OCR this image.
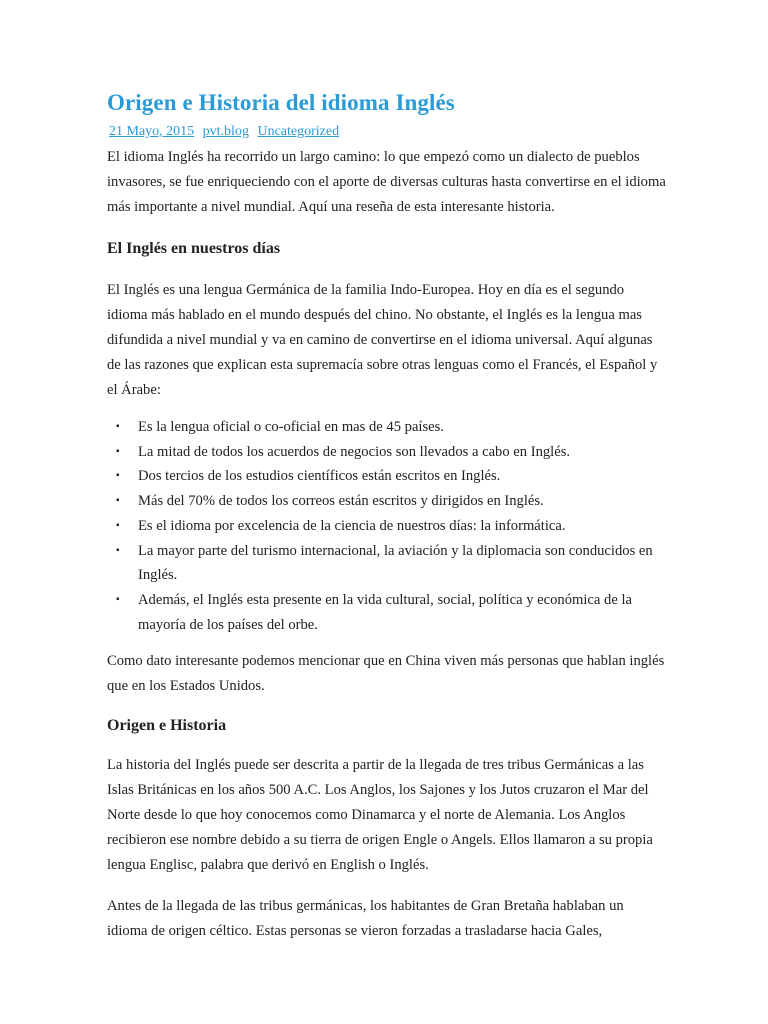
Origen e Historia del idioma Inglés
21 Mayo, 2015 pvt.blog Uncategorized

El idioma Inglés ha recorrido un largo camino: lo que empezó como un dialecto de pueblos invasores, se fue enriqueciendo con el aporte de diversas culturas hasta convertirse en el idioma más importante a nivel mundial. Aquí una reseña de esta interesante historia.

El Inglés en nuestros días

El Inglés es una lengua Germánica de la familia Indo-Europea. Hoy en día es el segundo idioma más hablado en el mundo después del chino. No obstante, el Inglés es la lengua mas difundida a nivel mundial y va en camino de convertirse en el idioma universal. Aquí algunas de las razones que explican esta supremacía sobre otras lenguas como el Francés, el Español y el Árabe:

▪ Es la lengua oficial o co-oficial en mas de 45 países.
▪ La mitad de todos los acuerdos de negocios son llevados a cabo en Inglés.
▪ Dos tercios de los estudios científicos están escritos en Inglés.
▪ Más del 70% de todos los correos están escritos y dirigidos en Inglés.
▪ Es el idioma por excelencia de la ciencia de nuestros días: la informática.
▪ La mayor parte del turismo internacional, la aviación y la diplomacia son conducidos en Inglés.
▪ Además, el Inglés esta presente en la vida cultural, social, política y económica de la mayoría de los países del orbe.

Como dato interesante podemos mencionar que en China viven más personas que hablan inglés que en los Estados Unidos.

Origen e Historia

La historia del Inglés puede ser descrita a partir de la llegada de tres tribus Germánicas a las Islas Británicas en los años 500 A.C. Los Anglos, los Sajones y los Jutos cruzaron el Mar del Norte desde lo que hoy conocemos como Dinamarca y el norte de Alemania. Los Anglos recibieron ese nombre debido a su tierra de origen Engle o Angels. Ellos llamaron a su propia lengua Englisc, palabra que derivó en English o Inglés.

Antes de la llegada de las tribus germánicas, los habitantes de Gran Bretaña hablaban un idioma de origen céltico. Estas personas se vieron forzadas a trasladarse hacia Gales,
